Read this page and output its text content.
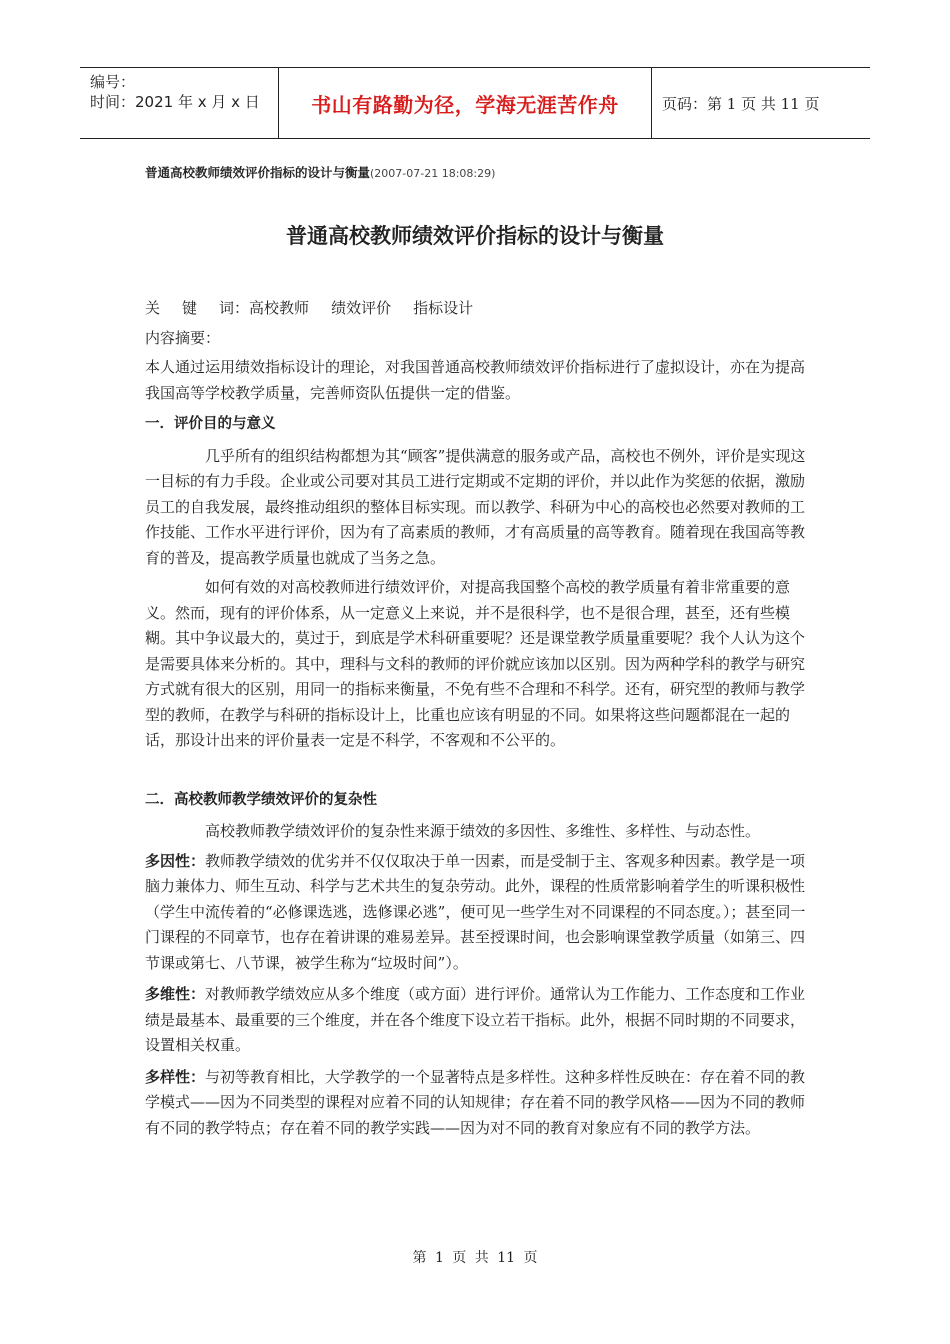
编号：
时间：2021 年 x 月 x 日	书山有路勤为径，学海无涯苦作舟	页码：第 1 页 共 11 页
普通高校教师绩效评价指标的设计与衡量(2007-07-21 18:08:29)
普通高校教师绩效评价指标的设计与衡量

关 键 词：高校教师 绩效评价 指标设计

内容摘要：

本人通过运用绩效指标设计的理论，对我国普通高校教师绩效评价指标进行了虚拟设计，亦在为提高我国高等学校教学质量，完善师资队伍提供一定的借鉴。

一．评价目的与意义

几乎所有的组织结构都想为其“顾客”提供满意的服务或产品，高校也不例外，评价是实现这一目标的有力手段。企业或公司要对其员工进行定期或不定期的评价，并以此作为奖惩的依据，激励员工的自我发展，最终推动组织的整体目标实现。而以教学、科研为中心的高校也必然要对教师的工作技能、工作水平进行评价，因为有了高素质的教师，才有高质量的高等教育。随着现在我国高等教育的普及，提高教学质量也就成了当务之急。

如何有效的对高校教师进行绩效评价，对提高我国整个高校的教学质量有着非常重要的意义。然而，现有的评价体系，从一定意义上来说，并不是很科学，也不是很合理，甚至，还有些模糊。其中争议最大的，莫过于，到底是学术科研重要呢？还是课堂教学质量重要呢？我个人认为这个是需要具体来分析的。其中，理科与文科的教师的评价就应该加以区别。因为两种学科的教学与研究方式就有很大的区别，用同一的指标来衡量，不免有些不合理和不科学。还有，研究型的教师与教学型的教师，在教学与科研的指标设计上，比重也应该有明显的不同。如果将这些问题都混在一起的话，那设计出来的评价量表一定是不科学，不客观和不公平的。

二．高校教师教学绩效评价的复杂性

高校教师教学绩效评价的复杂性来源于绩效的多因性、多维性、多样性、与动态性。

多因性：教师教学绩效的优劣并不仅仅取决于单一因素，而是受制于主、客观多种因素。教学是一项脑力兼体力、师生互动、科学与艺术共生的复杂劳动。此外，课程的性质常影响着学生的听课积极性（学生中流传着的“必修课选逃，选修课必逃”，便可见一些学生对不同课程的不同态度。）；甚至同一门课程的不同章节，也存在着讲课的难易差异。甚至授课时间，也会影响课堂教学质量（如第三、四节课或第七、八节课，被学生称为“垃圾时间”）。

多维性：对教师教学绩效应从多个维度（或方面）进行评价。通常认为工作能力、工作态度和工作业绩是最基本、最重要的三个维度，并在各个维度下设立若干指标。此外，根据不同时期的不同要求，设置相关权重。

多样性：与初等教育相比，大学教学的一个显著特点是多样性。这种多样性反映在：存在着不同的教学模式——因为不同类型的课程对应着不同的认知规律；存在着不同的教学风格——因为不同的教师有不同的教学特点；存在着不同的教学实践——因为对不同的教育对象应有不同的教学方法。

第 1 页 共 11 页
